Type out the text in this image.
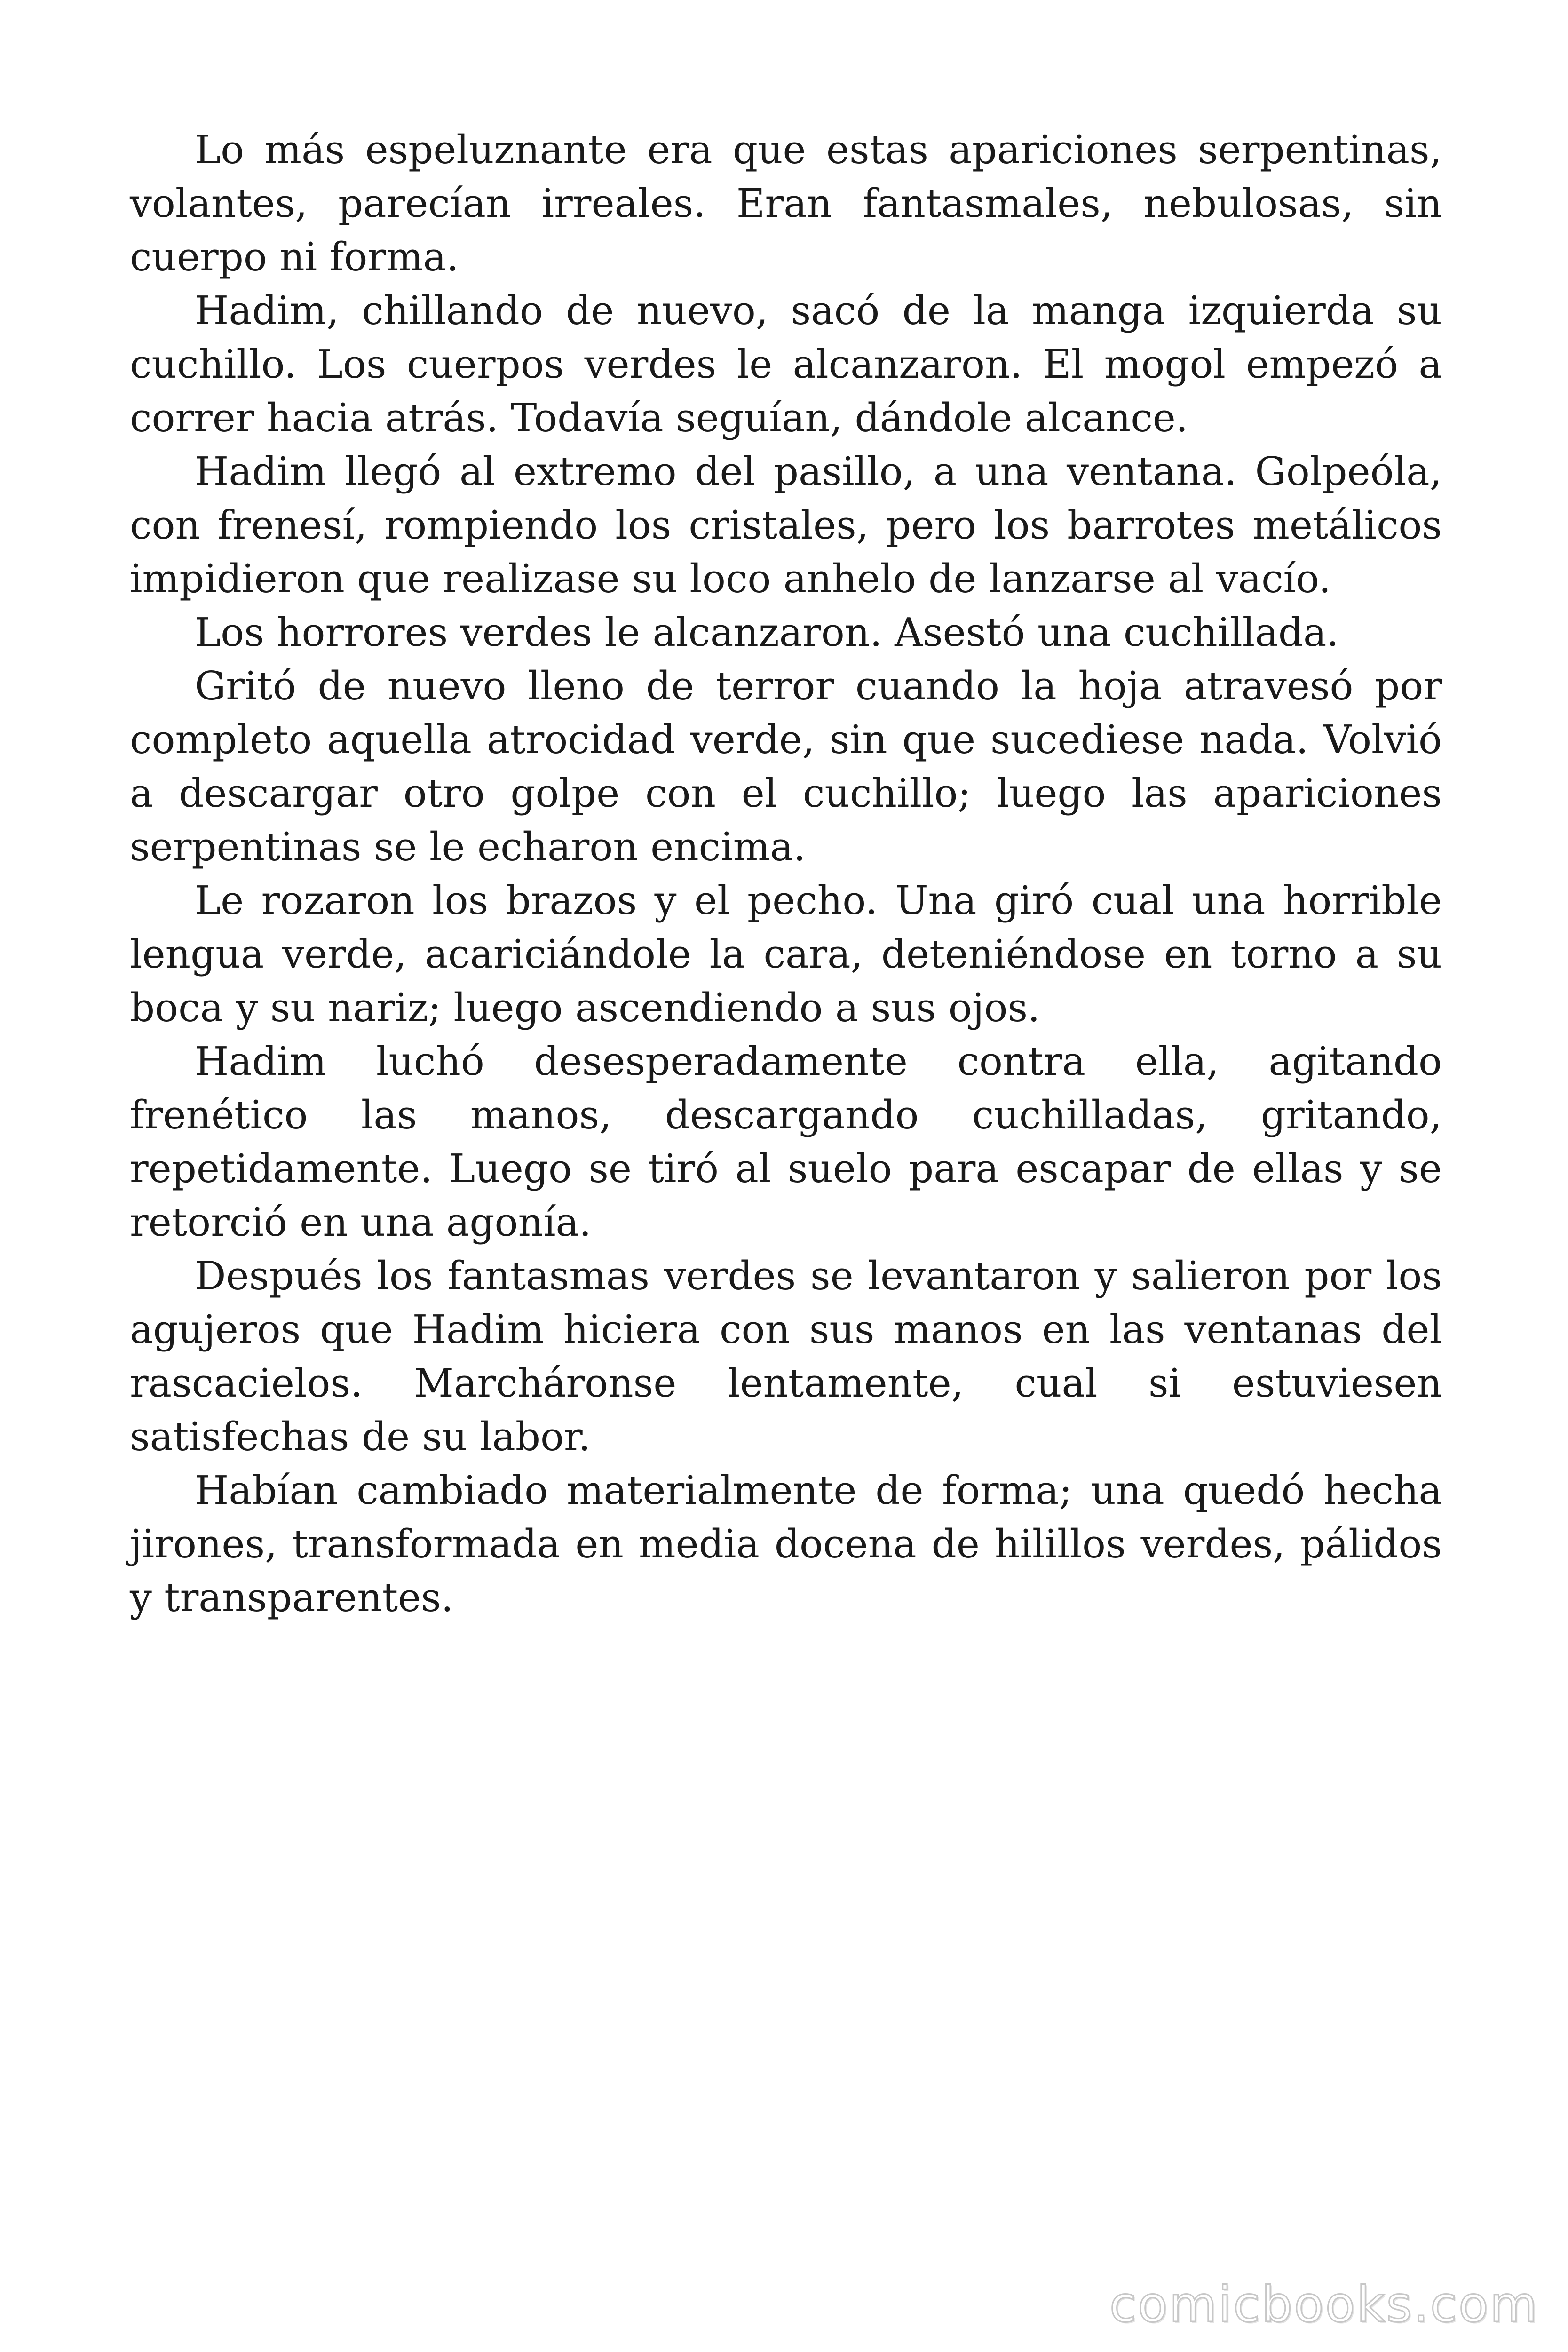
Lo más espeluznante era que estas apariciones serpentinas, volantes, parecían irreales. Eran fantasmales, nebulosas, sin cuerpo ni forma.

Hadim, chillando de nuevo, sacó de la manga izquierda su cuchillo. Los cuerpos verdes le alcanzaron. El mogol empezó a correr hacia atrás. Todavía seguían, dándole alcance.

Hadim llegó al extremo del pasillo, a una ventana. Golpeóla, con frenesí, rompiendo los cristales, pero los barrotes metálicos impidieron que realizase su loco anhelo de lanzarse al vacío.

Los horrores verdes le alcanzaron. Asestó una cuchillada.

Gritó de nuevo lleno de terror cuando la hoja atravesó por completo aquella atrocidad verde, sin que sucediese nada. Volvió a descargar otro golpe con el cuchillo; luego las apariciones serpentinas se le echaron encima.

Le rozaron los brazos y el pecho. Una giró cual una horrible lengua verde, acariciándole la cara, deteniéndose en torno a su boca y su nariz; luego ascendiendo a sus ojos.

Hadim luchó desesperadamente contra ella, agitando frenético las manos, descargando cuchilladas, gritando, repetidamente. Luego se tiró al suelo para escapar de ellas y se retorció en una agonía.

Después los fantasmas verdes se levantaron y salieron por los agujeros que Hadim hiciera con sus manos en las ventanas del rascacielos. Marcháronse lentamente, cual si estuviesen satisfechas de su labor.

Habían cambiado materialmente de forma; una quedó hecha jirones, transformada en media docena de hilillos verdes, pálidos y transparentes.

comicbooks.com
